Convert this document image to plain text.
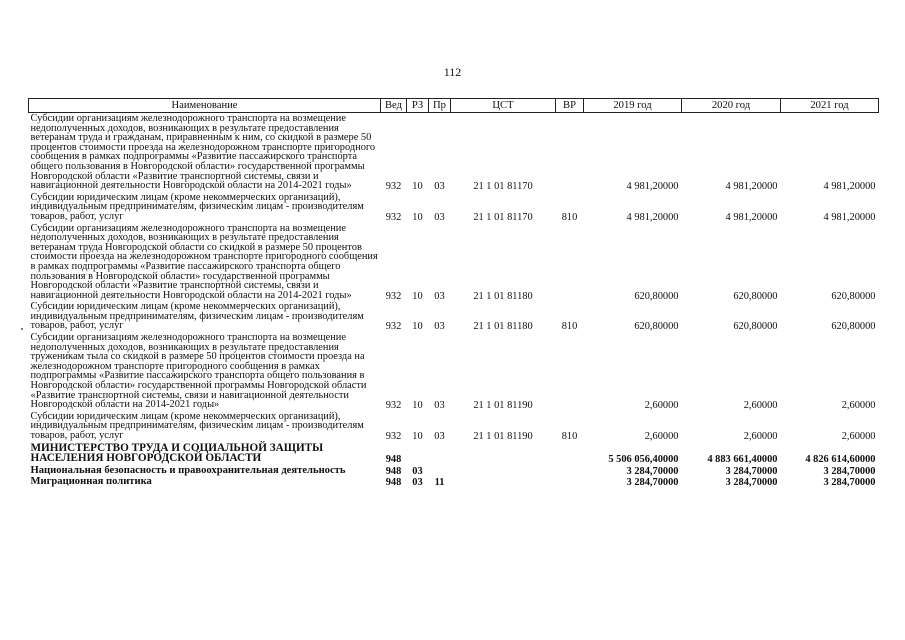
112
Наименование	Вед	РЗ	Пр	ЦСТ	ВР	2019 год	2020 год	2021 год
Субсидии организациям железнодорожного транспорта на возмещение недополученных доходов, возникающих в результате предоставления ветеранам труда и гражданам, приравненным к ним, со скидкой в размере 50 процентов стоимости проезда на железнодорожном транспорте пригородного сообщения в рамках подпрограммы «Развитие пассажирского транспорта общего пользования в Новгородской области» государственной программы Новгородской области «Развитие транспортной системы, связи и навигационной деятельности Новгородской области на 2014-2021 годы»	932	10	03	21 1 01 81170		4 981,20000	4 981,20000	4 981,20000
Субсидии юридическим лицам (кроме некоммерческих организаций), индивидуальным предпринимателям, физическим лицам - производителям товаров, работ, услуг	932	10	03	21 1 01 81170	810	4 981,20000	4 981,20000	4 981,20000
Субсидии организациям железнодорожного транспорта на возмещение недополученных доходов, возникающих в результате предоставления ветеранам труда Новгородской области со скидкой в размере 50 процентов стоимости проезда на железнодорожном транспорте пригородного сообщения в рамках подпрограммы «Развитие пассажирского транспорта общего пользования в Новгородской области» государственной программы Новгородской области «Развитие транспортной системы, связи и навигационной деятельности Новгородской области на 2014-2021 годы»	932	10	03	21 1 01 81180		620,80000	620,80000	620,80000
Субсидии юридическим лицам (кроме некоммерческих организаций), индивидуальным предпринимателям, физическим лицам - производителям товаров, работ, услуг	932	10	03	21 1 01 81180	810	620,80000	620,80000	620,80000
Субсидии организациям железнодорожного транспорта на возмещение недополученных доходов, возникающих в результате предоставления труженикам тыла со скидкой в размере 50 процентов стоимости проезда на железнодорожном транспорте пригородного сообщения в рамках подпрограммы «Развитие пассажирского транспорта общего пользования в Новгородской области» государственной программы Новгородской области «Развитие транспортной системы, связи и навигационной деятельности Новгородской области на 2014-2021 годы»	932	10	03	21 1 01 81190		2,60000	2,60000	2,60000
Субсидии юридическим лицам (кроме некоммерческих организаций), индивидуальным предпринимателям, физическим лицам - производителям товаров, работ, услуг	932	10	03	21 1 01 81190	810	2,60000	2,60000	2,60000
МИНИСТЕРСТВО ТРУДА И СОЦИАЛЬНОЙ ЗАЩИТЫ НАСЕЛЕНИЯ НОВГОРОДСКОЙ ОБЛАСТИ	948					5 506 056,40000	4 883 661,40000	4 826 614,60000
Национальная безопасность и правоохранительная деятельность	948	03				3 284,70000	3 284,70000	3 284,70000
Миграционная политика	948	03	11			3 284,70000	3 284,70000	3 284,70000
